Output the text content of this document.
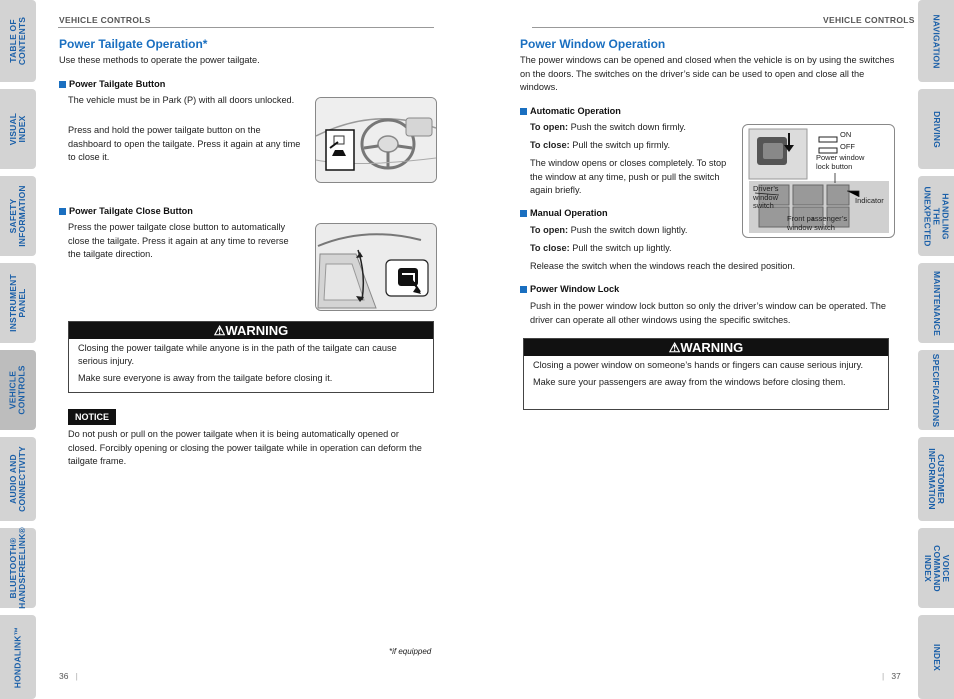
TABLE OF CONTENTS
VISUAL INDEX
SAFETY
INFORMATION
INSTRUMENT PANEL
VEHICLE
CONTROLS
AUDIO AND
CONNECTIVITY
BLUETOOTH®
HANDSFREELINK®
HONDALINK™
NAVIGATION
DRIVING
HANDLING THE
UNEXPECTED
MAINTENANCE
SPECIFICATIONS
CUSTOMER
INFORMATION
VOICE COMMAND
INDEX
INDEX
VEHICLE CONTROLS
Power Tailgate Operation*

Use these methods to operate the power tailgate.

Power Tailgate Button

The vehicle must be in Park (P) with all doors unlocked.

Press and hold the power tailgate button on the dashboard to open the tailgate. Press it again at any time to close it.

Power Tailgate Close Button

Press the power tailgate close button to automatically close the tailgate. Press it again at any time to reverse the tailgate direction.

⚠WARNING

Closing the power tailgate while anyone is in the path of the tailgate can cause serious injury.

Make sure everyone is away from the tailgate before closing it.

NOTICE

Do not push or pull on the power tailgate when it is being automatically opened or closed. Forcibly opening or closing the power tailgate while in operation can deform the tailgate frame.

*if equipped
36 |
VEHICLE CONTROLS
Power Window Operation

The power windows can be opened and closed when the vehicle is on by using the switches on the doors. The switches on the driver’s side can be used to open and close all the windows.

Automatic Operation

To open: Push the switch down firmly.

To close: Pull the switch up firmly.

The window opens or closes completely. To stop the window at any time, push or pull the switch again briefly.

Manual Operation

To open: Push the switch down lightly.

To close: Pull the switch up lightly.

Release the switch when the windows reach the desired position.

Power Window Lock

Push in the power window lock button so only the driver’s window can be operated. The driver can operate all other windows using the specific switches.

ON
OFF
Power window
lock button
Driver’s
window
switch
Indicator
Front passenger’s
window switch
⚠WARNING

Closing a power window on someone’s hands or fingers can cause serious injury.

Make sure your passengers are away from the windows before closing them.

| 37
